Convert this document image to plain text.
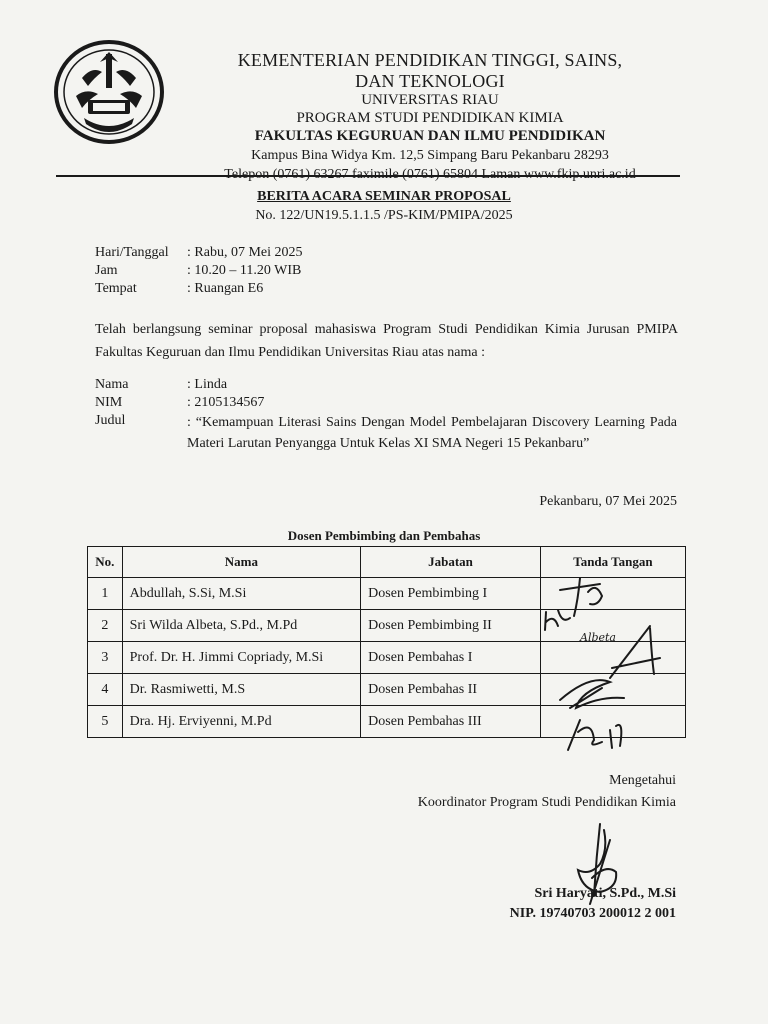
KEMENTERIAN PENDIDIKAN TINGGI, SAINS,
DAN TEKNOLOGI
UNIVERSITAS RIAU
PROGRAM STUDI PENDIDIKAN KIMIA
FAKULTAS KEGURUAN DAN ILMU PENDIDIKAN
Kampus Bina Widya Km. 12,5 Simpang Baru Pekanbaru 28293
BERITA ACARA SEMINAR PROPOSAL
No. 122/UN19.5.1.1.5 /PS-KIM/PMIPA/2025
Hari/Tanggal	: Rabu, 07 Mei 2025
Jam	: 10.20 – 11.20 WIB
Tempat	: Ruangan E6
Telah berlangsung seminar proposal mahasiswa Program Studi Pendidikan Kimia Jurusan PMIPA Fakultas Keguruan dan Ilmu Pendidikan Universitas Riau atas nama :
Nama	: Linda
NIM	: 2105134567
Judul	: “Kemampuan Literasi Sains Dengan Model Pembelajaran Discovery Learning Pada Materi Larutan Penyangga Untuk Kelas XI SMA Negeri 15 Pekanbaru”
Pekanbaru, 07 Mei 2025
Dosen Pembimbing dan Pembahas
No.	Nama	Jabatan	Tanda Tangan
1	Abdullah, S.Si, M.Si	Dosen Pembimbing I	
2	Sri Wilda Albeta, S.Pd., M.Pd	Dosen Pembimbing II	
3	Prof. Dr. H. Jimmi Copriady, M.Si	Dosen Pembahas I	
4	Dr. Rasmiwetti, M.S	Dosen Pembahas II	
5	Dra. Hj. Erviyenni, M.Pd	Dosen Pembahas III	
Albeta
Mengetahui
Koordinator Program Studi Pendidikan Kimia
Sri Haryati, S.Pd., M.Si
NIP. 19740703 200012 2 001
